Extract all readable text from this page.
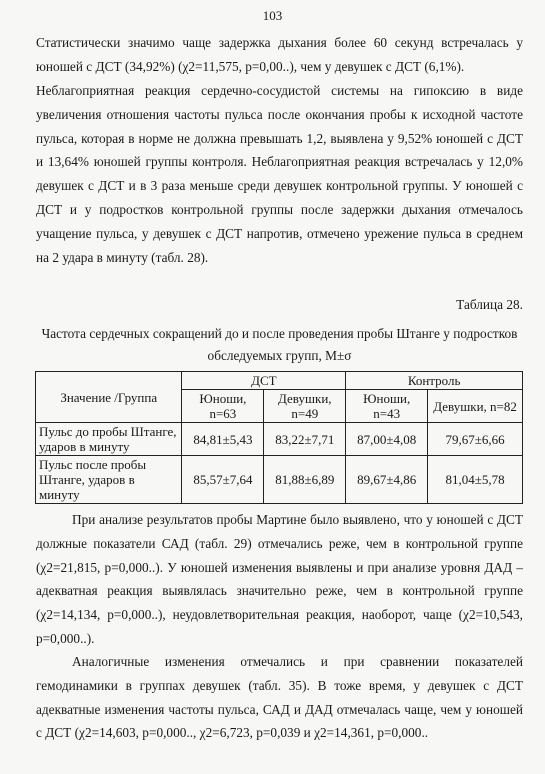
103

Статистически значимо чаще задержка дыхания более 60 секунд встречалась у юношей с ДСТ (34,92%) (χ2=11,575, p=0,00..), чем у девушек с ДСТ (6,1%).

Неблагоприятная реакция сердечно-сосудистой системы на гипоксию в виде увеличения отношения частоты пульса после окончания пробы к исходной частоте пульса, которая в норме не должна превышать 1,2, выявлена у 9,52% юношей с ДСТ и 13,64% юношей группы контроля. Неблагоприятная реакция встречалась у 12,0% девушек с ДСТ и в 3 раза меньше среди девушек контрольной группы. У юношей с ДСТ и у подростков контрольной группы после задержки дыхания отмечалось учащение пульса, у девушек с ДСТ напротив, отмечено урежение пульса в среднем на 2 удара в минуту (табл. 28).

Таблица 28.
Частота сердечных сокращений до и после проведения пробы Штанге у подростков обследуемых групп, M±σ
Значение /Группа	ДСТ		Контроль	
	Юноши, n=63	Девушки, n=49	Юноши, n=43	Девушки, n=82
Пульс до пробы Штанге, ударов в минуту	84,81±5,43	83,22±7,71	87,00±4,08	79,67±6,66
Пульс после пробы Штанге, ударов в минуту	85,57±7,64	81,88±6,89	89,67±4,86	81,04±5,78

При анализе результатов пробы Мартине было выявлено, что у юношей с ДСТ должные показатели САД (табл. 29) отмечались реже, чем в контрольной группе (χ2=21,815, p=0,000..). У юношей изменения выявлены и при анализе уровня ДАД – адекватная реакция выявлялась значительно реже, чем в контрольной группе (χ2=14,134, p=0,000..), неудовлетворительная реакция, наоборот, чаще (χ2=10,543, p=0,000..).

Аналогичные изменения отмечались и при сравнении показателей гемодинамики в группах девушек (табл. 35). В тоже время, у девушек с ДСТ адекватные изменения частоты пульса, САД и ДАД отмечалась чаще, чем у юношей с ДСТ (χ2=14,603, p=0,000.., χ2=6,723, p=0,039 и χ2=14,361, p=0,000..
